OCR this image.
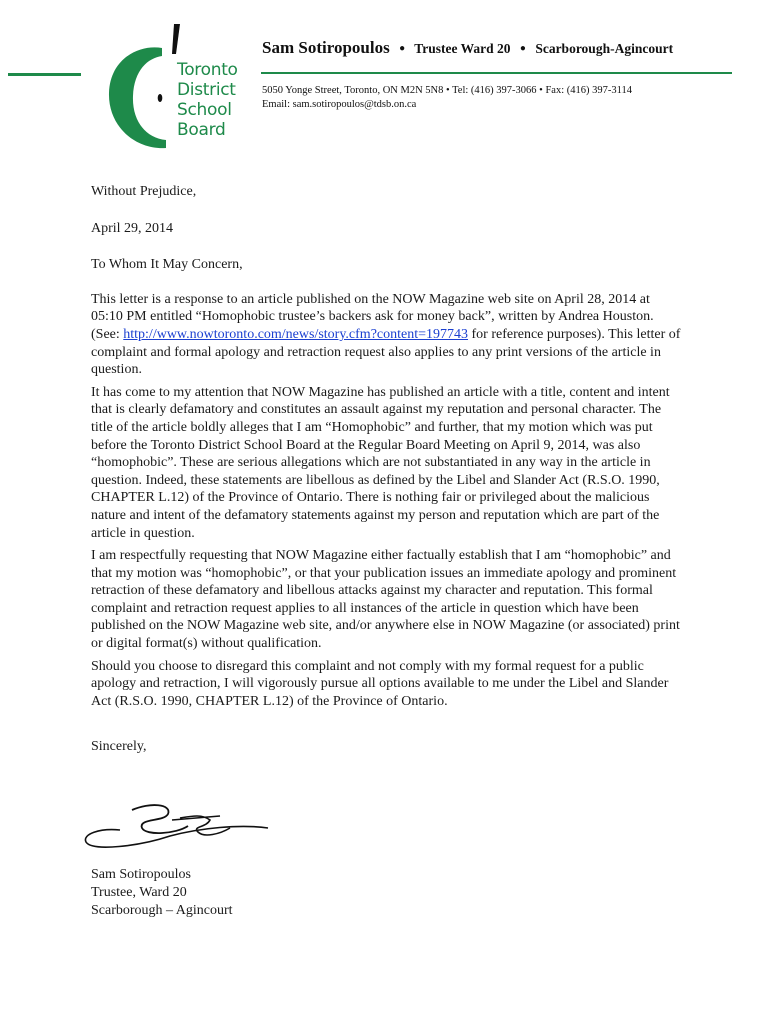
Toronto
District
School
Board
Sam Sotiropoulos ● Trustee Ward 20 ● Scarborough-Agincourt
5050 Yonge Street, Toronto, ON M2N 5N8 • Tel: (416) 397-3066 • Fax: (416) 397-3114
Email: sam.sotiropoulos@tdsb.on.ca

Without Prejudice,

April 29, 2014

To Whom It May Concern,

This letter is a response to an article published on the NOW Magazine web site on April 28, 2014 at 05:10 PM entitled “Homophobic trustee’s backers ask for money back”, written by Andrea Houston. (See: http://www.nowtoronto.com/news/story.cfm?content=197743 for reference purposes). This letter of complaint and formal apology and retraction request also applies to any print versions of the article in question.

It has come to my attention that NOW Magazine has published an article with a title, content and intent that is clearly defamatory and constitutes an assault against my reputation and personal character. The title of the article boldly alleges that I am “Homophobic” and further, that my motion which was put before the Toronto District School Board at the Regular Board Meeting on April 9, 2014, was also “homophobic”. These are serious allegations which are not substantiated in any way in the article in question. Indeed, these statements are libellous as defined by the Libel and Slander Act (R.S.O. 1990, CHAPTER L.12) of the Province of Ontario. There is nothing fair or privileged about the malicious nature and intent of the defamatory statements against my person and reputation which are part of the article in question.

I am respectfully requesting that NOW Magazine either factually establish that I am “homophobic” and that my motion was “homophobic”, or that your publication issues an immediate apology and prominent retraction of these defamatory and libellous attacks against my character and reputation. This formal complaint and retraction request applies to all instances of the article in question which have been published on the NOW Magazine web site, and/or anywhere else in NOW Magazine (or associated) print or digital format(s) without qualification.

Should you choose to disregard this complaint and not comply with my formal request for a public apology and retraction, I will vigorously pursue all options available to me under the Libel and Slander Act (R.S.O. 1990, CHAPTER L.12) of the Province of Ontario.

Sincerely,

Sam Sotiropoulos
Trustee, Ward 20
Scarborough – Agincourt
